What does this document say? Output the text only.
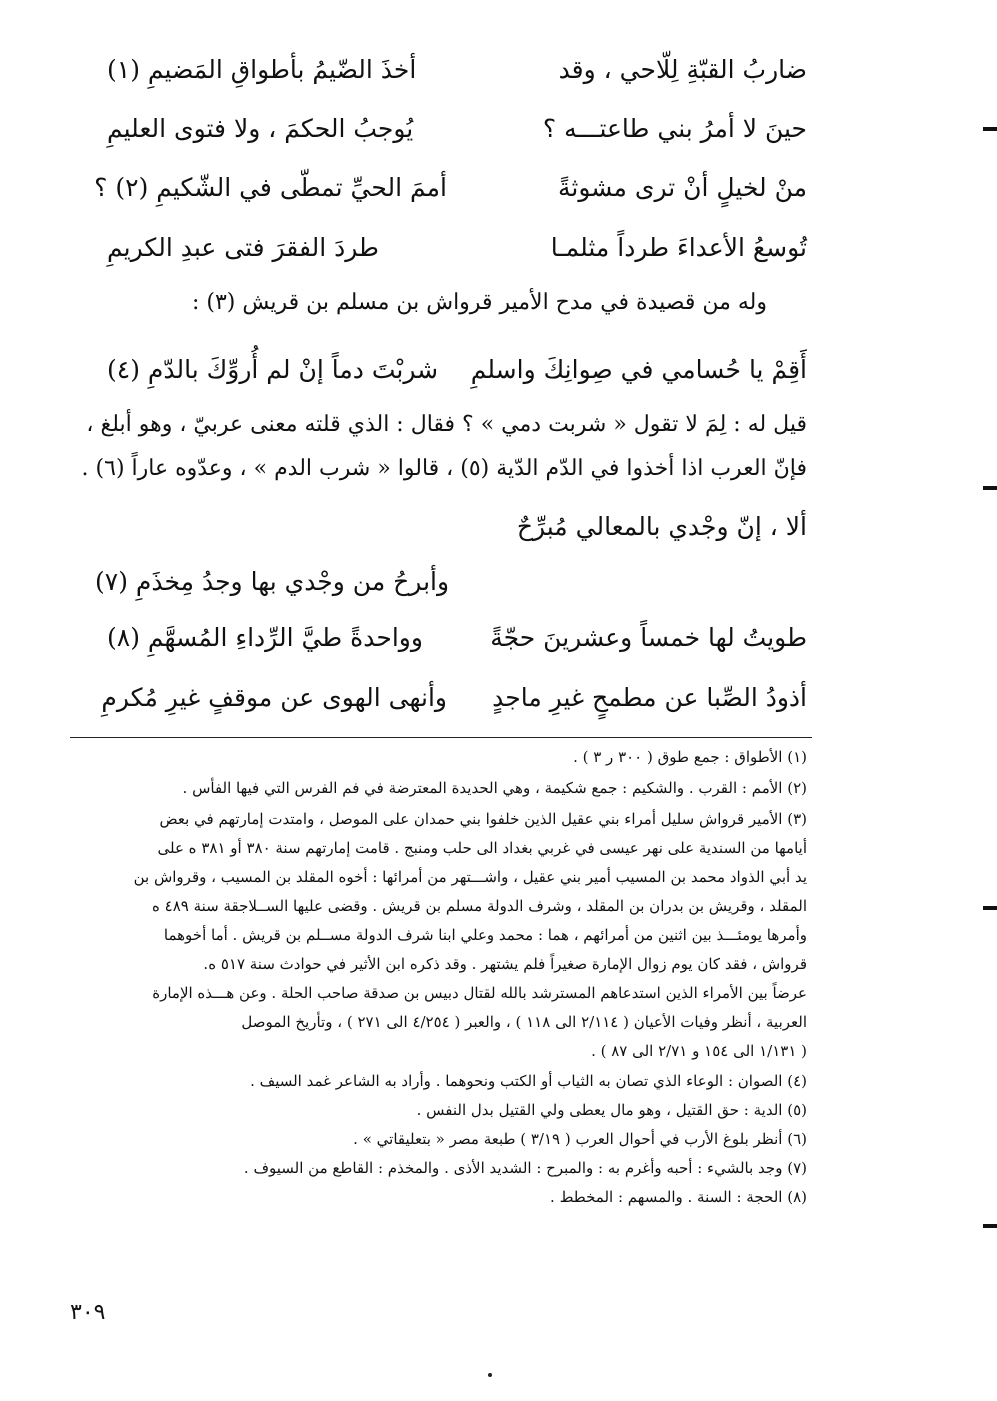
ضاربُ القبّةِ لِلّاحي ، وقد
أخذَ الضّيمُ بأطواقِ المَضيمِ (١)
حينَ لا أمرُ بني طاعتـــه ؟
يُوجبُ الحكمَ ، ولا فتوى العليمِ
منْ لخيلٍ أنْ ترى مشوثةً
أممَ الحيِّ تمطّى في الشّكيمِ (٢) ؟
تُوسعُ الأعداءَ طرداً مثلمـا
طردَ الفقرَ فتى عبدِ الكريمِ
وله من قصيدة في مدح الأمير قرواش بن مسلم بن قريش (٣) :
أَقِمْ يا حُسامي في صِوانِكَ واسلمِ
شربْتَ دماً إنْ لم أُروِّكَ بالدّمِ (٤)
قيل له : لِمَ لا تقول « شربت دمي » ؟ فقال : الذي قلته معنى عربيّ ، وهو أبلغ ،
فإنّ العرب اذا أخذوا في الدّم الدّية (٥) ، قالوا « شرب الدم » ، وعدّوه عاراً (٦) .
ألا ، إنّ وجْدي بالمعالي مُبرِّحٌ
وأبرحُ من وجْدي بها وجدُ مِخذَمِ (٧)
طويتُ لها خمساً وعشرينَ حجّةً
وواحدةً طيَّ الرِّداءِ المُسهَّمِ (٨)
أذودُ الصِّبا عن مطمحٍ غيرِ ماجدٍ
وأنهى الهوى عن موقفٍ غيرِ مُكرمِ
(١) الأطواق : جمع طوق ( ٣٠٠ ر ٣ ) .
(٢) الأمم : القرب . والشكيم : جمع شكيمة ، وهي الحديدة المعترضة في فم الفرس التي فيها الفأس .
(٣) الأمير قرواش سليل أمراء بني عقيل الذين خلفوا بني حمدان على الموصل ، وامتدت إمارتهم في بعض
أيامها من السندية على نهر عيسى في غربي بغداد الى حلب ومنبج . قامت إمارتهم سنة ٣٨٠ أو ٣٨١ ه على
يد أبي الذواد محمد بن المسيب أمير بني عقيل ، واشـــتهر من أمرائها : أخوه المقلد بن المسيب ، وقرواش بن
المقلد ، وقريش بن بدران بن المقلد ، وشرف الدولة مسلم بن قريش . وقضى عليها الســلاجقة سنة ٤٨٩ ه
وأمرها يومئـــذ بين اثنين من أمرائهم ، هما : محمد وعلي ابنا شرف الدولة مســلم بن قريش . أما أخوهما
قرواش ، فقد كان يوم زوال الإمارة صغيراً فلم يشتهر . وقد ذكره ابن الأثير في حوادث سنة ٥١٧ ه.
عرضاً بين الأمراء الذين استدعاهم المسترشد بالله لقتال دبيس بن صدقة صاحب الحلة . وعن هـــذه الإمارة
العربية ، أنظر وفيات الأعيان ( ٢/١١٤ الى ١١٨ ) ، والعبر ( ٤/٢٥٤ الى ٢٧١ ) ، وتأريخ الموصل
( ١/١٣١ الى ١٥٤ و ٢/٧١ الى ٨٧ ) .
(٤) الصوان : الوعاء الذي تصان به الثياب أو الكتب ونحوهما . وأراد به الشاعر غمد السيف .
(٥) الدية : حق القتيل ، وهو مال يعطى ولي القتيل بدل النفس .
(٦) أنظر بلوغ الأرب في أحوال العرب ( ٣/١٩ ) طبعة مصر « بتعليقاتي » .
(٧) وجد بالشيء : أحبه وأغرم به : والمبرح : الشديد الأذى . والمخذم : القاطع من السيوف .
(٨) الحجة : السنة . والمسهم : المخطط .
٣٠٩
